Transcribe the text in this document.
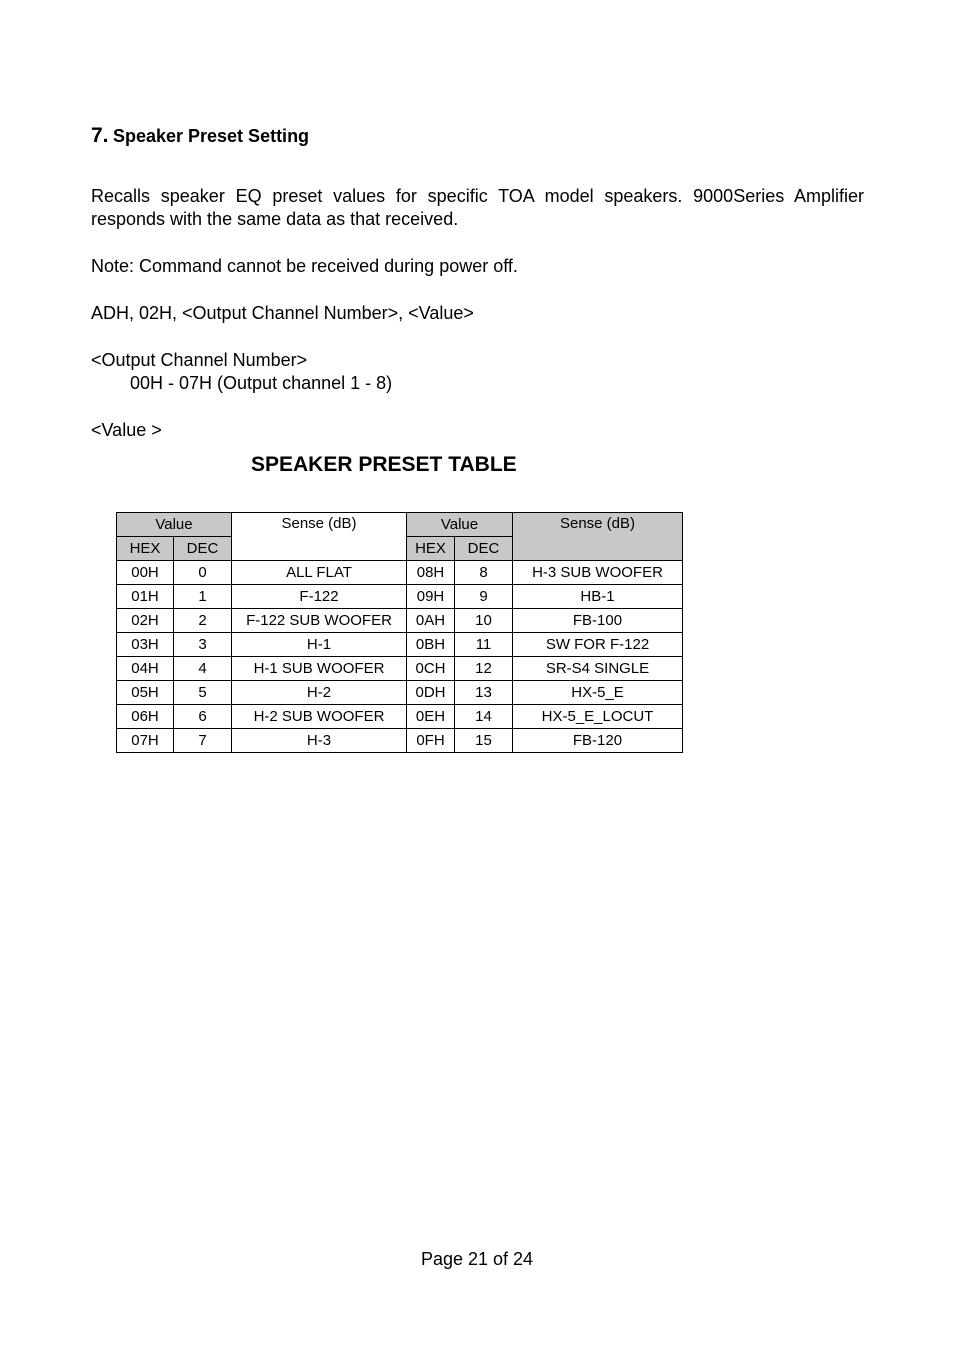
7. Speaker Preset Setting
Recalls speaker EQ preset values for specific TOA model speakers. 9000Series Amplifier
responds with the same data as that received.
Note: Command cannot be received during power off.
ADH, 02H, <Output Channel Number>, <Value>
<Output Channel Number>
00H - 07H (Output channel 1 - 8)
<Value >
SPEAKER PRESET TABLE
Value		Sense (dB)	Value		Sense (dB)
HEX	DEC		HEX	DEC	
00H	0	ALL FLAT	08H	8	H-3 SUB WOOFER
01H	1	F-122	09H	9	HB-1
02H	2	F-122 SUB WOOFER	0AH	10	FB-100
03H	3	H-1	0BH	11	SW FOR F-122
04H	4	H-1 SUB WOOFER	0CH	12	SR-S4 SINGLE
05H	5	H-2	0DH	13	HX-5_E
06H	6	H-2 SUB WOOFER	0EH	14	HX-5_E_LOCUT
07H	7	H-3	0FH	15	FB-120
Page 21 of 24
